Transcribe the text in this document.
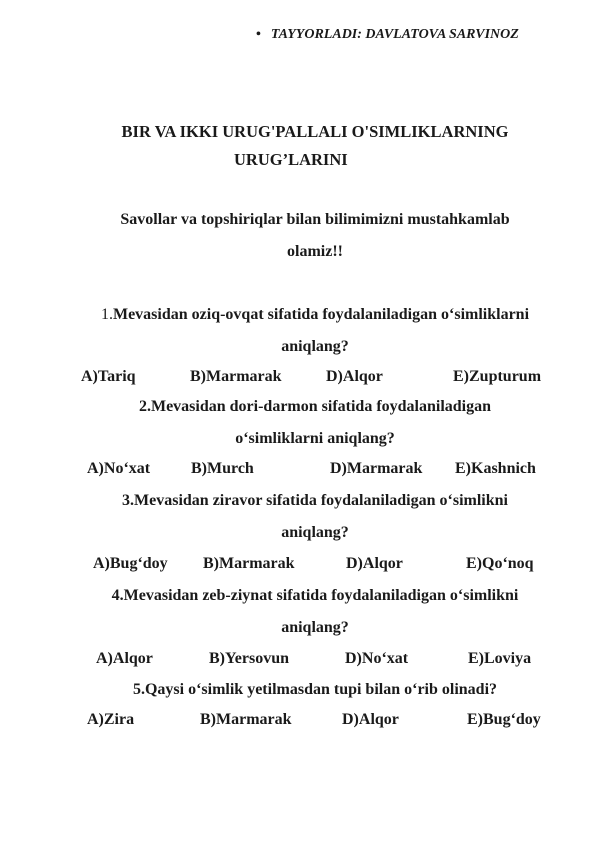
• TAYYORLADI: DAVLATOVA SARVINOZ
BIR VA IKKI URUG'PALLALI O'SIMLIKLARNING
URUG’LARINI
Savollar va topshiriqlar bilan bilimimizni mustahkamlab
olamiz!!
1.Mevasidan oziq-ovqat sifatida foydalaniladigan o‘simliklarni
aniqlang?
A)Tariq	B)Marmarak	D)Alqor	E)Zupturum
2.Mevasidan dori-darmon sifatida foydalaniladigan
o‘simliklarni aniqlang?
A)No‘xat	B)Murch	D)Marmarak E)Kashnich
3.Mevasidan ziravor sifatida foydalaniladigan o‘simlikni
aniqlang?
A)Bug‘doy B)Marmarak	D)Alqor	E)Qo‘noq
4.Mevasidan zeb-ziynat sifatida foydalaniladigan o‘simlikni
aniqlang?
A)Alqor	B)Yersovun	D)No‘xat	E)Loviya
5.Qaysi o‘simlik yetilmasdan tupi bilan o‘rib olinadi?
A)Zira	B)Marmarak	D)Alqor	E)Bug‘doy
